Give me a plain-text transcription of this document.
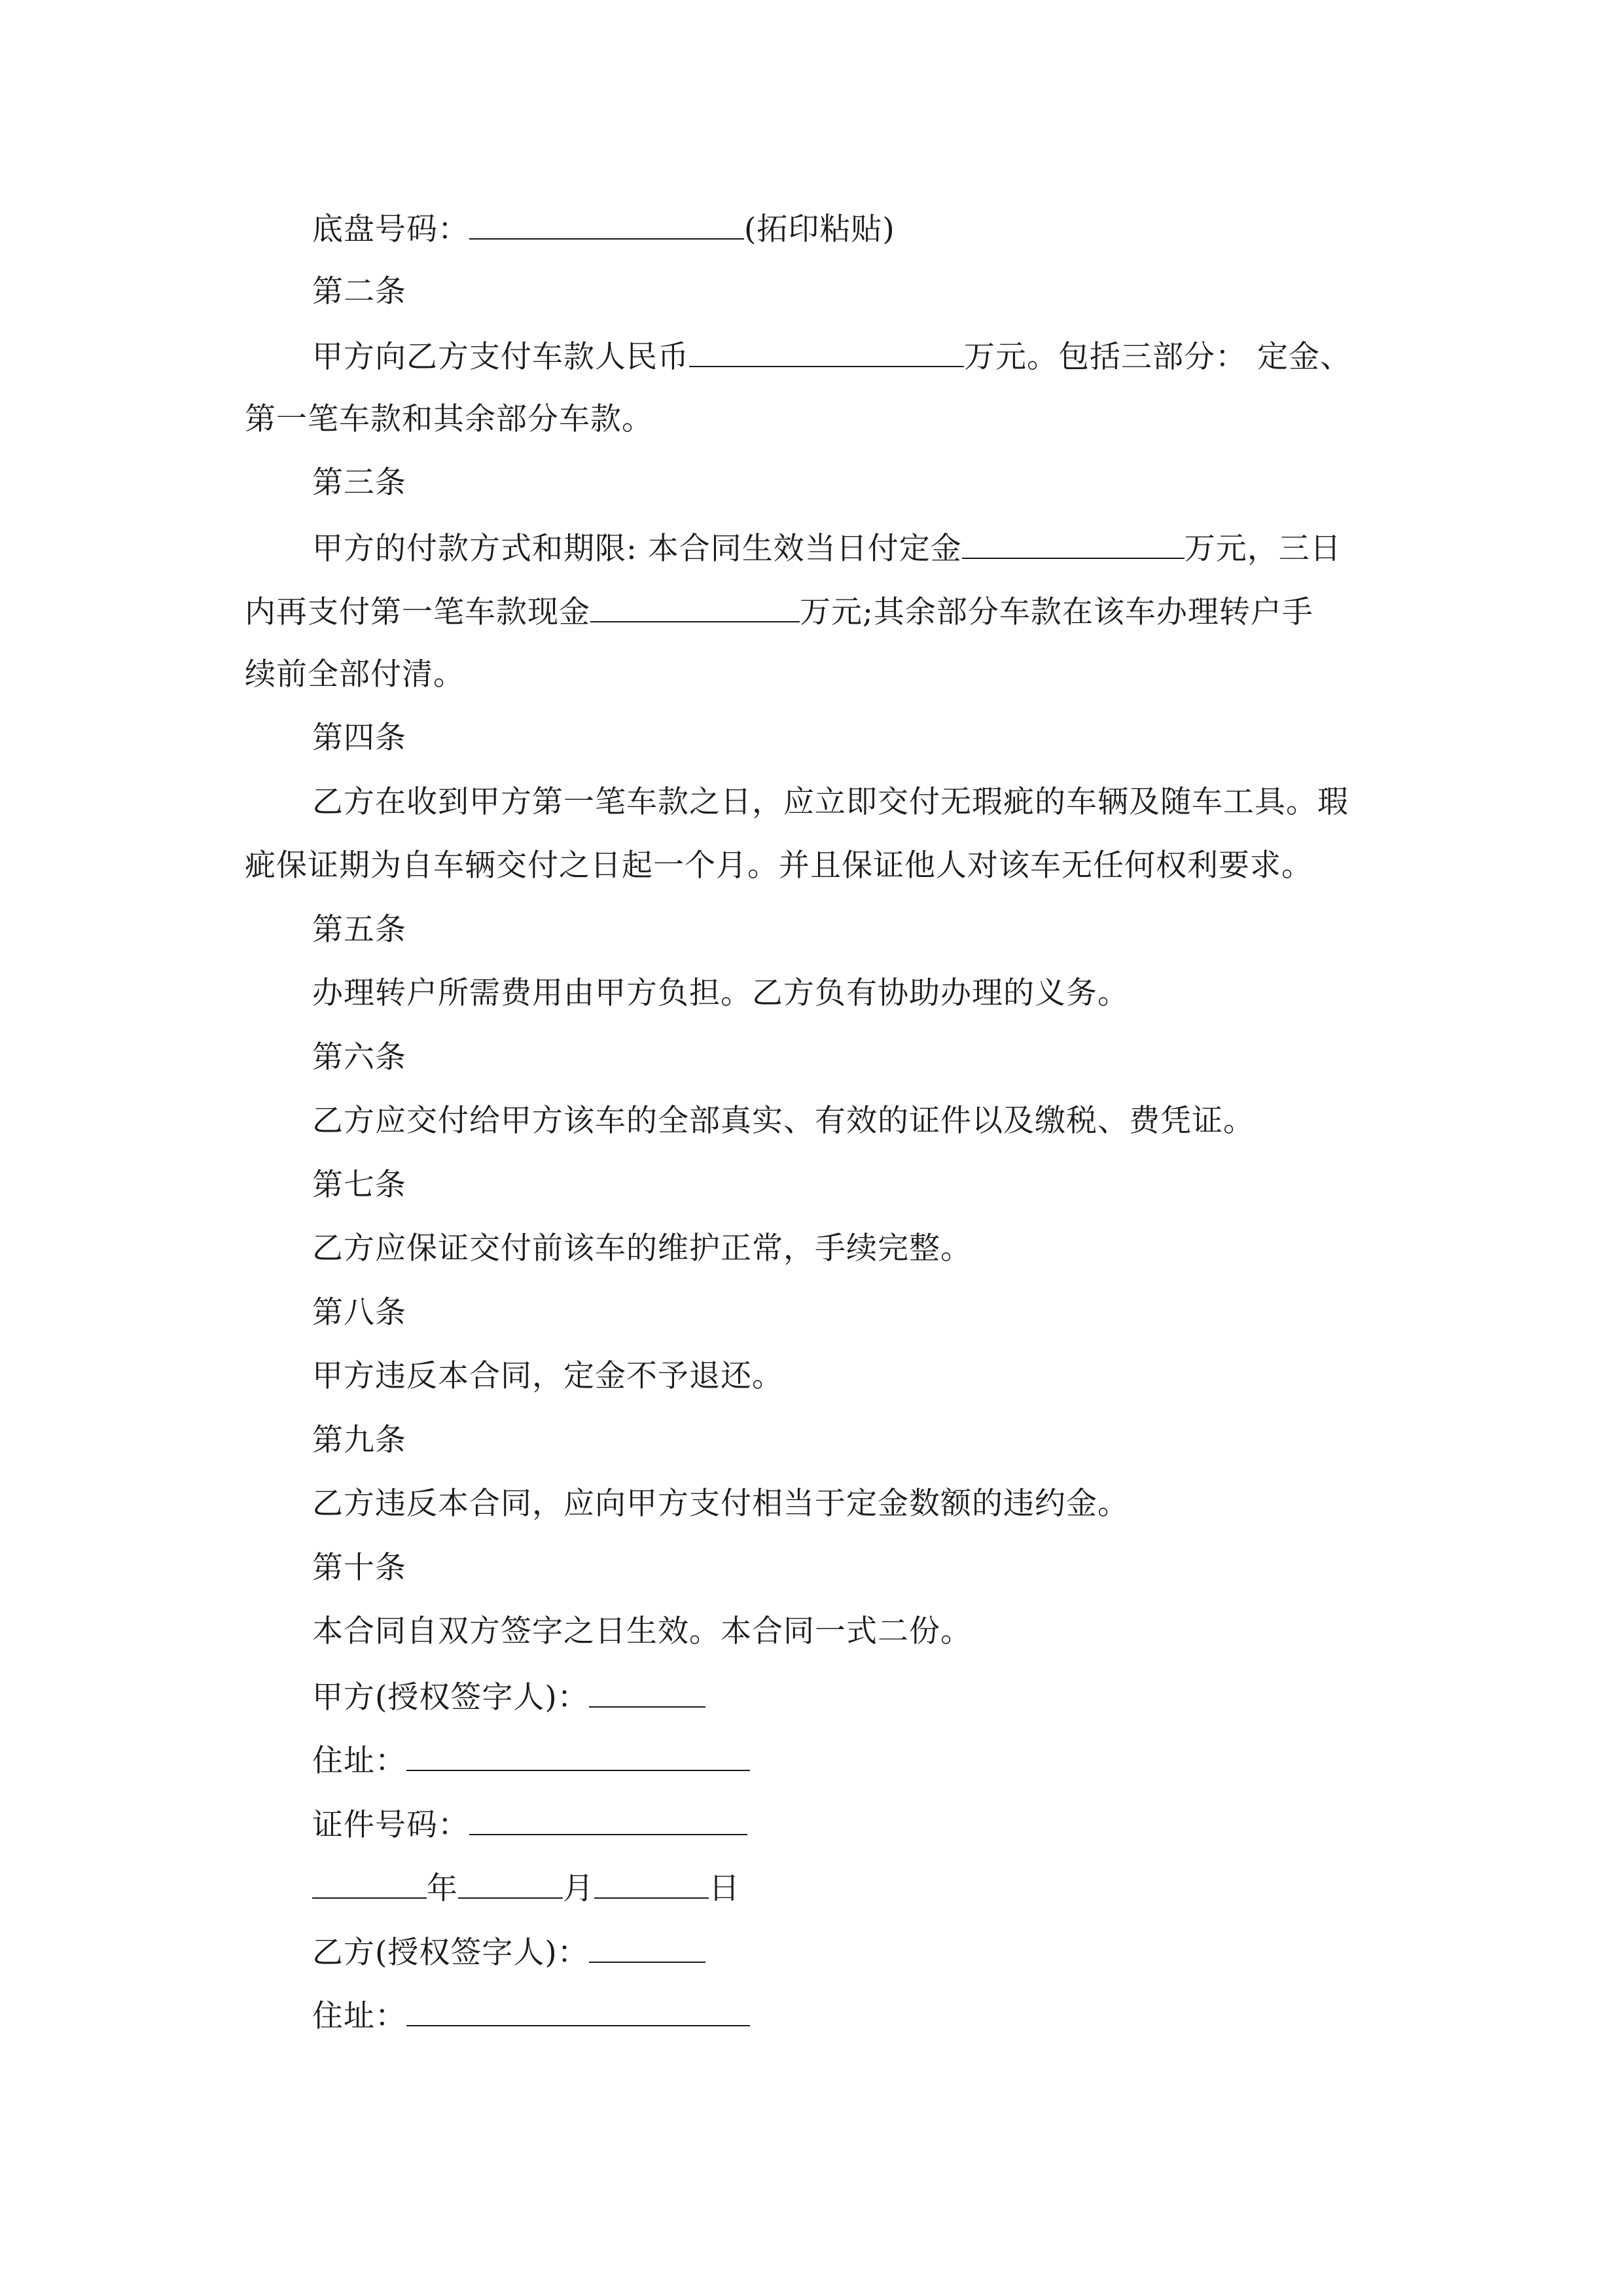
底盘号码：	(拓印粘贴)
第二条
甲方向乙方支付车款人民币	万元。包括三部分： 定金、
第一笔车款和其余部分车款。
第三条
甲方的付款方式和期限: 本合同生效当日付定金	万元，三日
内再支付第一笔车款现金	万元;其余部分车款在该车办理转户手
续前全部付清。
第四条
乙方在收到甲方第一笔车款之日，应立即交付无瑕疵的车辆及随车工具。瑕
疵保证期为自车辆交付之日起一个月。并且保证他人对该车无任何权利要求。
第五条
办理转户所需费用由甲方负担。乙方负有协助办理的义务。
第六条
乙方应交付给甲方该车的全部真实、有效的证件以及缴税、费凭证。
第七条
乙方应保证交付前该车的维护正常，手续完整。
第八条
甲方违反本合同，定金不予退还。
第九条
乙方违反本合同，应向甲方支付相当于定金数额的违约金。
第十条
本合同自双方签字之日生效。本合同一式二份。
甲方(授权签字人)：
住址：
证件号码：
年	月	日
乙方(授权签字人)：
住址：
